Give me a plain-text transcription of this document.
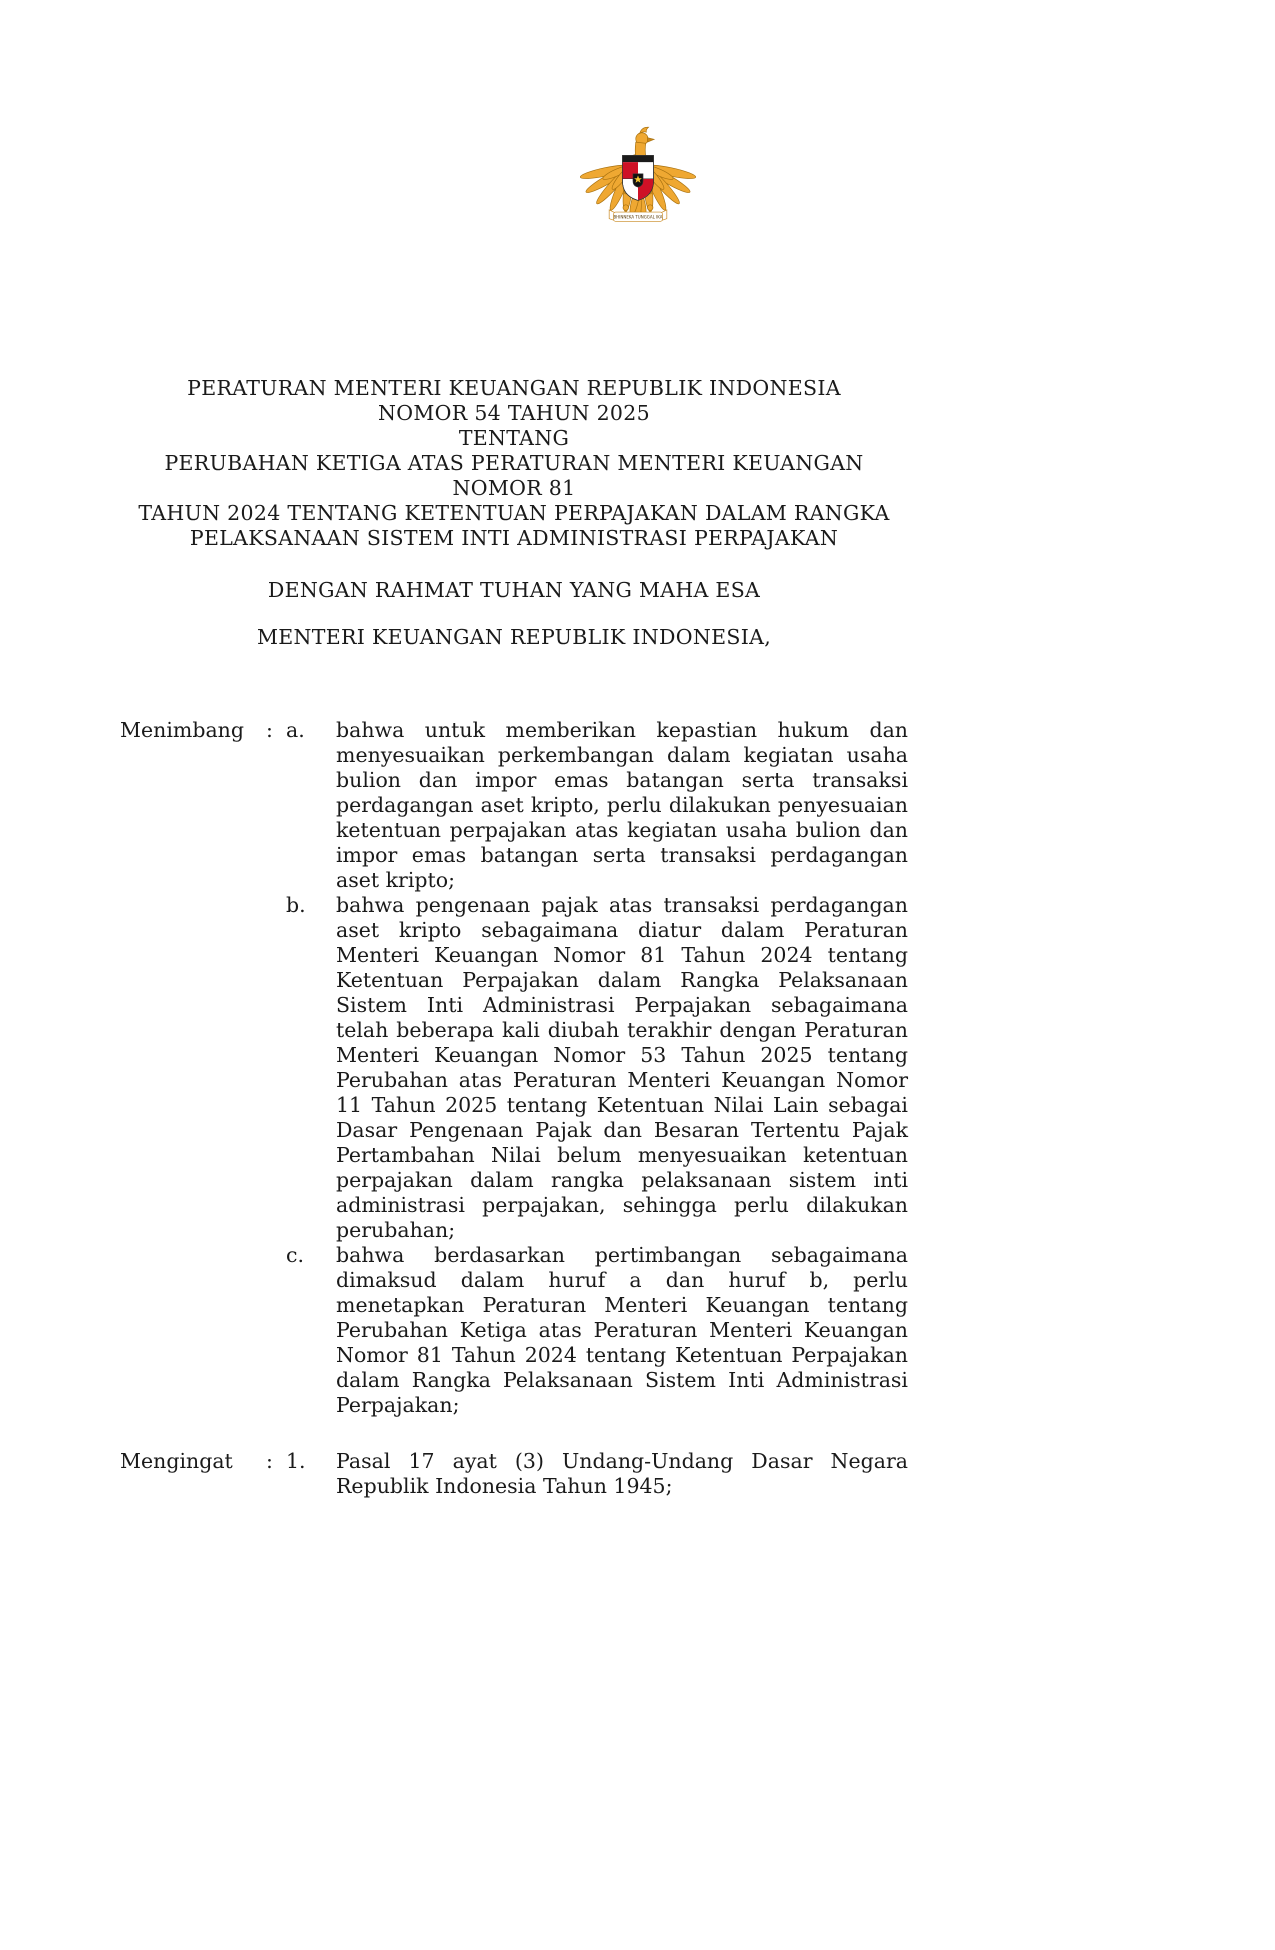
BHINNEKA TUNGGAL IKA
PERATURAN MENTERI KEUANGAN REPUBLIK INDONESIA
NOMOR 54 TAHUN 2025
TENTANG
PERUBAHAN KETIGA ATAS PERATURAN MENTERI KEUANGAN NOMOR 81
TAHUN 2024 TENTANG KETENTUAN PERPAJAKAN DALAM RANGKA
PELAKSANAAN SISTEM INTI ADMINISTRASI PERPAJAKAN
DENGAN RAHMAT TUHAN YANG MAHA ESA
MENTERI KEUANGAN REPUBLIK INDONESIA,
Menimbang	: a.	bahwa untuk memberikan kepastian hukum dan menyesuaikan perkembangan dalam kegiatan usaha bulion dan impor emas batangan serta transaksi perdagangan aset kripto, perlu dilakukan penyesuaian ketentuan perpajakan atas kegiatan usaha bulion dan impor emas batangan serta transaksi perdagangan aset kripto;
b.	bahwa pengenaan pajak atas transaksi perdagangan aset kripto sebagaimana diatur dalam Peraturan Menteri Keuangan Nomor 81 Tahun 2024 tentang Ketentuan Perpajakan dalam Rangka Pelaksanaan Sistem Inti Administrasi Perpajakan sebagaimana telah beberapa kali diubah terakhir dengan Peraturan Menteri Keuangan Nomor 53 Tahun 2025 tentang Perubahan atas Peraturan Menteri Keuangan Nomor 11 Tahun 2025 tentang Ketentuan Nilai Lain sebagai Dasar Pengenaan Pajak dan Besaran Tertentu Pajak Pertambahan Nilai belum menyesuaikan ketentuan perpajakan dalam rangka pelaksanaan sistem inti administrasi perpajakan, sehingga perlu dilakukan perubahan;
c.	bahwa berdasarkan pertimbangan sebagaimana dimaksud dalam huruf a dan huruf b, perlu menetapkan Peraturan Menteri Keuangan tentang Perubahan Ketiga atas Peraturan Menteri Keuangan Nomor 81 Tahun 2024 tentang Ketentuan Perpajakan dalam Rangka Pelaksanaan Sistem Inti Administrasi Perpajakan;
Mengingat	: 1.	Pasal 17 ayat (3) Undang-Undang Dasar Negara Republik Indonesia Tahun 1945;
